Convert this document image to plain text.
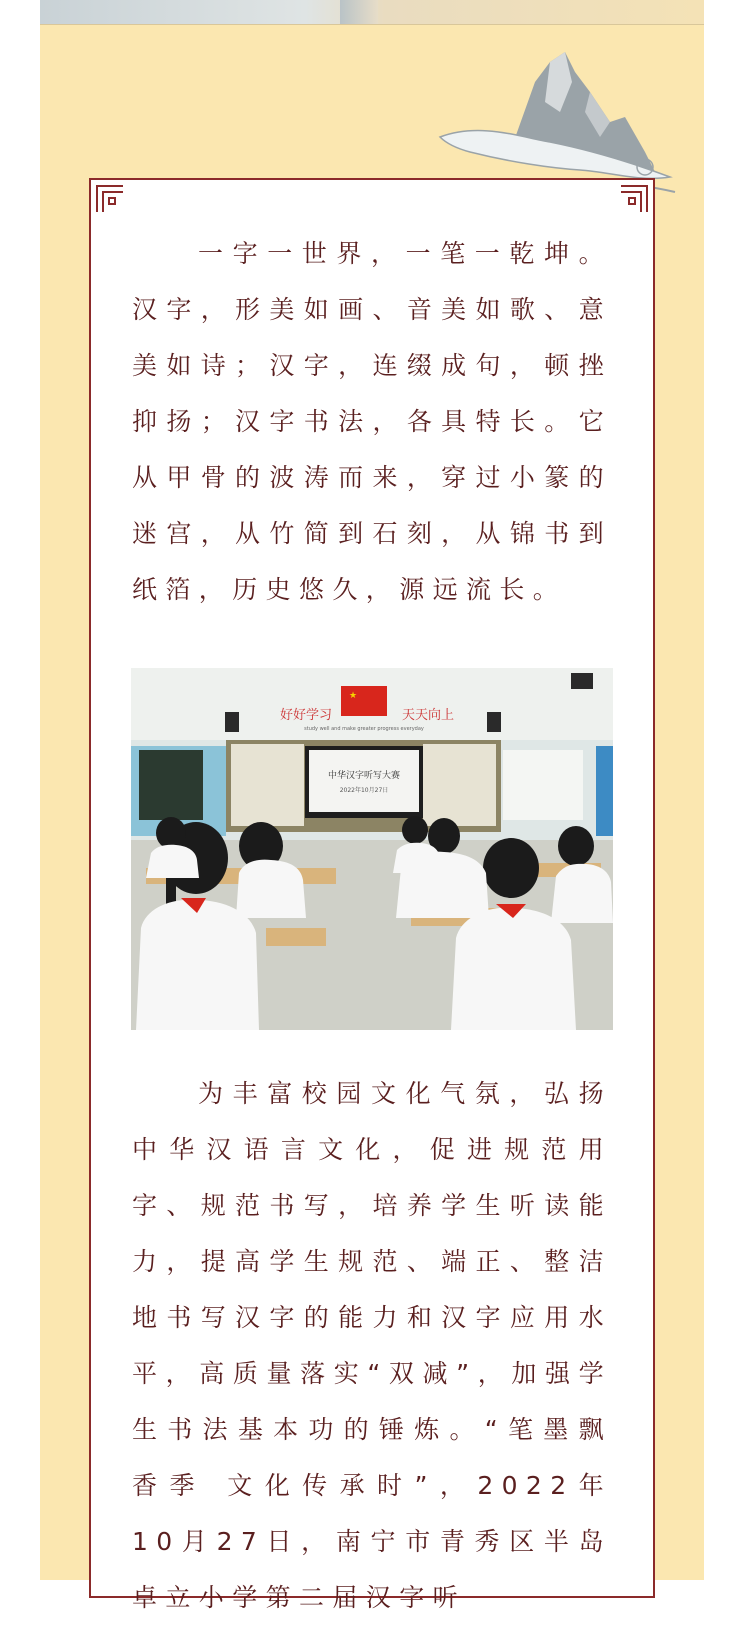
一字一世界，一笔一乾坤。汉字，形美如画、音美如歌、意美如诗；汉字，连缀成句，顿挫抑扬；汉字书法，各具特长。它从甲骨的波涛而来，穿过小篆的迷宫，从竹简到石刻，从锦书到纸箔，历史悠久，源远流长。

中华汉字听写大赛
2022年10月27日
★
好好学习	天天向上
study well and make greater progress everyday

为丰富校园文化气氛，弘扬中华汉语言文化，促进规范用字、规范书写，培养学生听读能力，提高学生规范、端正、整洁地书写汉字的能力和汉字应用水平，高质量落实“双减”，加强学生书法基本功的锤炼。“笔墨飘香季 文化传承时”，2022年10月27日，南宁市青秀区半岛卓立小学第二届汉字听
